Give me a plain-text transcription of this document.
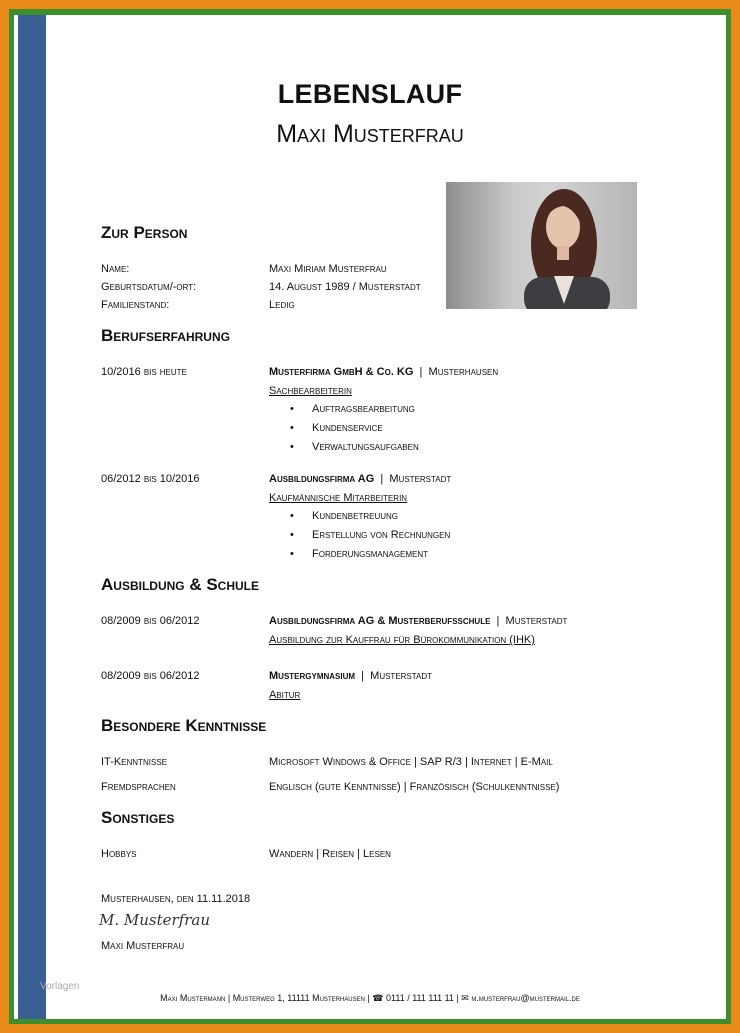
LEBENSLAUF
Maxi Musterfrau
Zur Person
Name:	Maxi Miriam Musterfrau
Geburtsdatum/-ort:	14. August 1989 / Musterstadt
Familienstand:	Ledig
Berufserfahrung
10/2016 bis heute	Musterfirma GmbH & Co. KG  |  Musterhausen
Sachbearbeiterin
• Auftragsbearbeitung
• Kundenservice
• Verwaltungsaufgaben
06/2012 bis 10/2016	Ausbildungsfirma AG  |  Musterstadt
Kaufmännische Mitarbeiterin
• Kundenbetreuung
• Erstellung von Rechnungen
• Forderungsmanagement
Ausbildung & Schule
08/2009 bis 06/2012	Ausbildungsfirma AG & Musterberufsschule  |  Musterstadt
Ausbildung zur Kauffrau für Bürokommunikation (IHK)
08/2009 bis 06/2012	Mustergymnasium  |  Musterstadt
Abitur
Besondere Kenntnisse
IT-Kenntnisse	Microsoft Windows & Office | SAP R/3 | Internet | E-Mail
Fremdsprachen	Englisch (gute Kenntnisse) | Französisch (Schulkenntnisse)
Sonstiges
Hobbys	Wandern | Reisen | Lesen
Musterhausen, den 11.11.2018
M. Musterfrau
Maxi Musterfrau
Vorlagen
Maxi Mustermann | Musterweg 1, 11111 Musterhausen | ☎ 0111 / 111 111 11 | ✉ m.musterfrau@mustermail.de
